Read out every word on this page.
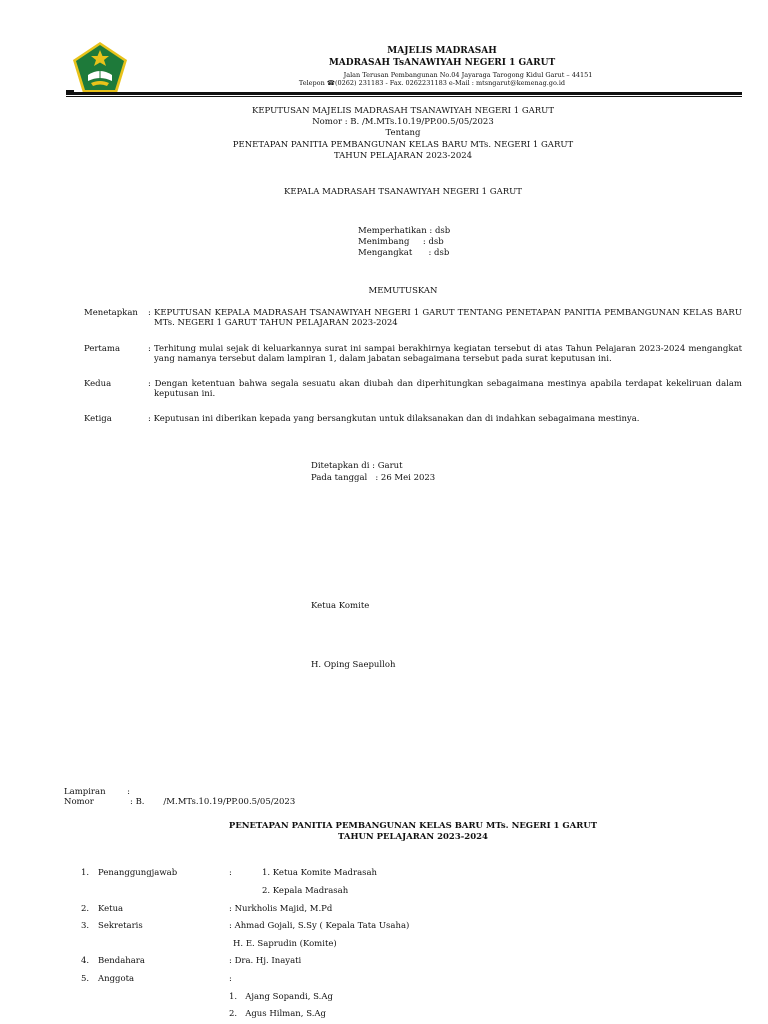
MAJELIS MADRASAH
MADRASAH TsANAWIYAH NEGERI 1 GARUT
Jalan Terusan Pembangunan No.04 Jayaraga Tarogong Kidul Garut – 44151
Telepon ☎(0262) 231183 - Fax. 0262231183 e-Mail : mtsngarut@kemenag.go.id
KEPUTUSAN MAJELIS MADRASAH TSANAWIYAH NEGERI 1 GARUT
Nomor : B. /M.MTs.10.19/PP.00.5/05/2023
Tentang
PENETAPAN PANITIA PEMBANGUNAN KELAS BARU MTs. NEGERI 1 GARUT
TAHUN PELAJARAN 2023-2024
KEPALA MADRASAH TSANAWIYAH NEGERI 1 GARUT
Memperhatikan : dsb
Menimbang     : dsb
Mengangkat      : dsb
MEMUTUSKAN
Menetapkan : KEPUTUSAN KEPALA MADRASAH TSANAWIYAH NEGERI 1 GARUT TENTANG PENETAPAN PANITIA PEMBANGUNAN KELAS BARU MTs. NEGERI 1 GARUT TAHUN PELAJARAN 2023-2024
Pertama	: Terhitung mulai sejak di keluarkannya surat ini sampai berakhirnya kegiatan tersebut di atas Tahun Pelajaran 2023-2024 mengangkat yang namanya tersebut dalam lampiran 1, dalam jabatan sebagaimana tersebut pada surat keputusan ini.
Kedua	: Dengan ketentuan bahwa segala sesuatu akan diubah dan diperhitungkan sebagaimana mestinya apabila terdapat kekeliruan dalam keputusan ini.
Ketiga	: Keputusan ini diberikan kepada yang bersangkutan untuk dilaksanakan dan di indahkan sebagaimana mestinya.
Ditetapkan di : Garut
Pada tanggal   : 26 Mei 2023
Ketua Komite
H. Oping Saepulloh
Lampiran        :
Nomor	: B.       /M.MTs.10.19/PP.00.5/05/2023
PENETAPAN PANITIA PEMBANGUNAN KELAS BARU MTs. NEGERI 1 GARUT
TAHUN PELAJARAN 2023-2024
1. Penanggungjawab	:	1. Ketua Komite Madrasah
2. Kepala Madrasah
2. Ketua	: Nurkholis Majid, M.Pd
3. Sekretaris	: Ahmad Gojali, S.Sy ( Kepala Tata Usaha)
H. E. Saprudin (Komite)
4. Bendahara	: Dra. Hj. Inayati
5. Anggota	:
1.   Ajang Sopandi, S.Ag
2.   Agus Hilman, S.Ag
